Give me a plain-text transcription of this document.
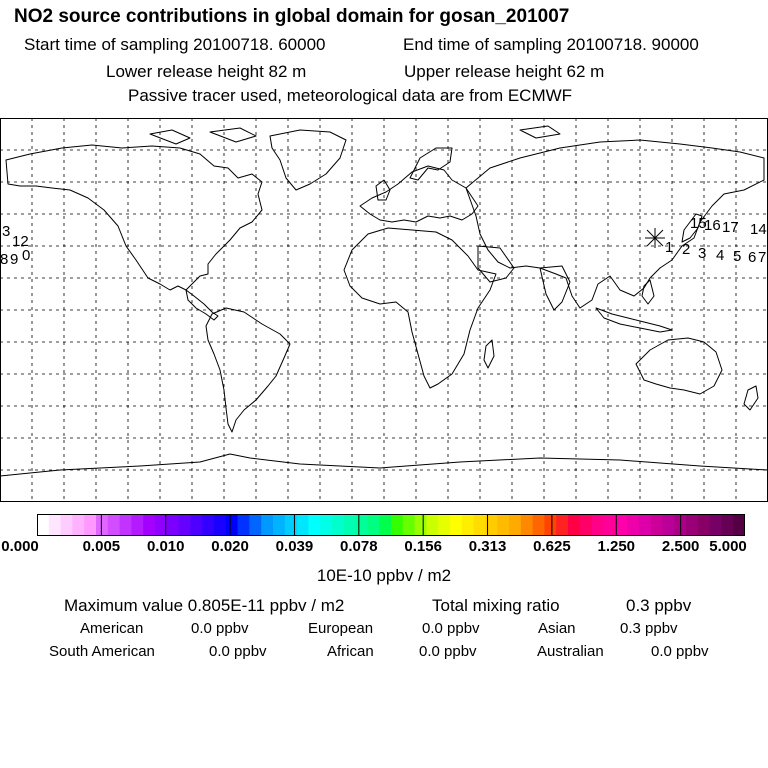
NO2 source contributions in global domain for gosan_201007
Start time of sampling 20100718. 60000	End time of sampling 20100718. 90000
Lower release height 82 m	Upper release height 62 m
Passive tracer used, meteorological data are from ECMWF
1 2 3 4 5 6 7
14
15
16 17
3
12
8 9 0
0.000	0.005 0.010 0.020 0.039 0.078 0.156 0.313 0.625 1.250 2.500 5.000
10E-10 ppbv / m2
Maximum value 0.805E-11 ppbv / m2	Total mixing ratio	0.3 ppbv
American	0.0 ppbv	European	0.0 ppbv	Asian	0.3 ppbv
South American	0.0 ppbv	African	0.0 ppbv	Australian	0.0 ppbv
